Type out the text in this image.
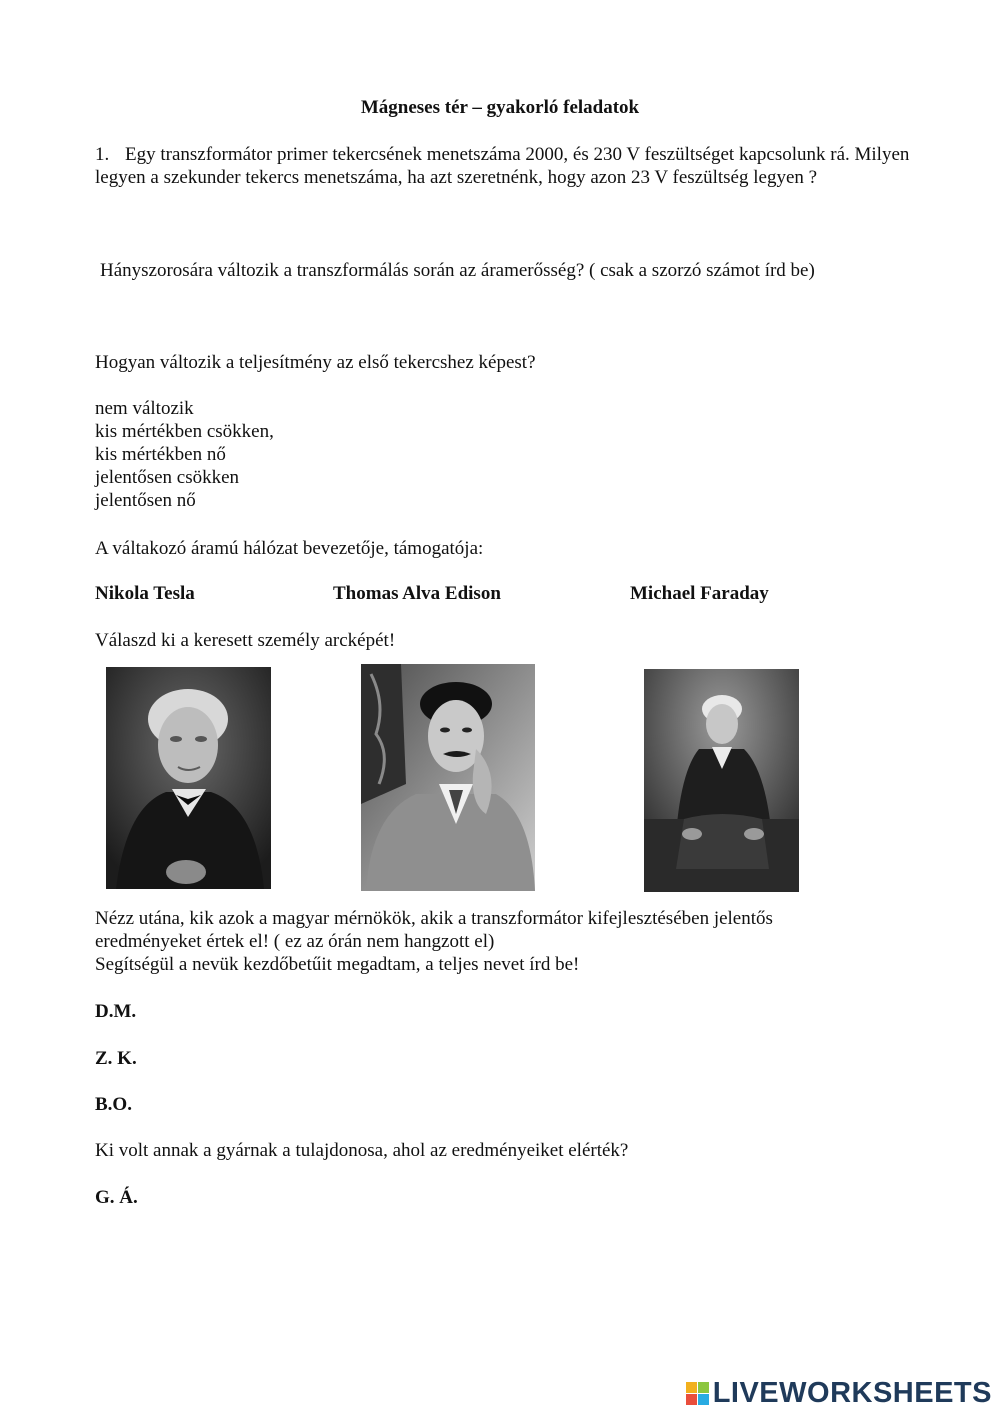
Mágneses tér – gyakorló feladatok
1. Egy transzformátor primer tekercsének menetszáma 2000, és 230 V feszültséget kapcsolunk rá. Milyen legyen a szekunder tekercs menetszáma, ha azt szeretnénk, hogy azon 23 V feszültség legyen ?
Hányszorosára változik a transzformálás során az áramerősség? ( csak a szorzó számot írd be)
Hogyan változik a teljesítmény az első tekercshez képest?
nem változik
kis mértékben csökken,
kis mértékben nő
jelentősen csökken
jelentősen nő
A váltakozó áramú hálózat bevezetője, támogatója:
Nikola Tesla	Thomas Alva Edison	Michael Faraday
Válaszd ki a keresett személy arcképét!
Nézz utána, kik azok a magyar mérnökök, akik a transzformátor kifejlesztésében jelentős
eredményeket értek el! ( ez az órán nem hangzott el)
Segítségül a nevük kezdőbetűit megadtam, a teljes nevet írd be!
D.M.
Z. K.
B.O.
Ki volt annak a gyárnak a tulajdonosa, ahol az eredményeiket elérték?
G. Á.
LIVEWORKSHEETS
